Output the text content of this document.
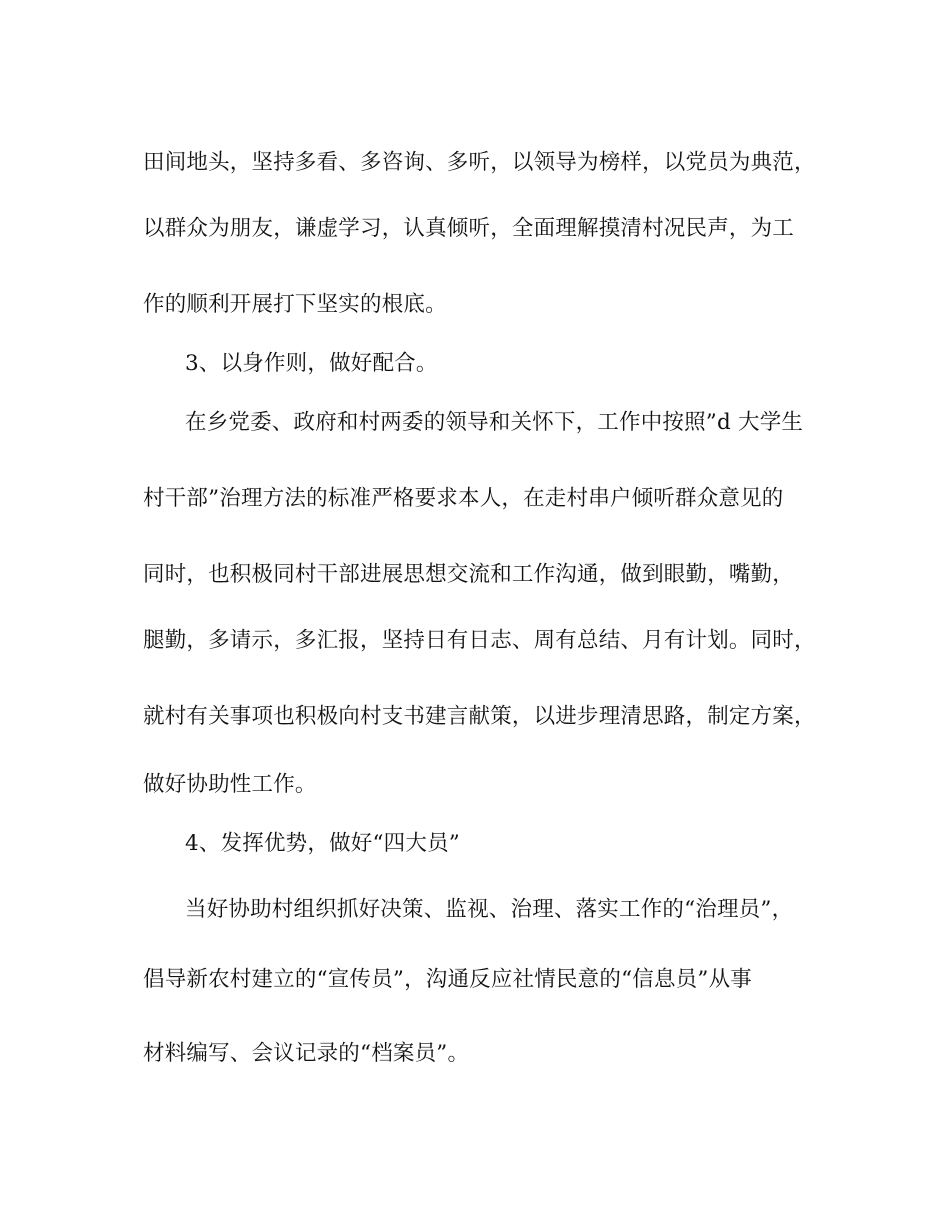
田间地头，坚持多看、多咨询、多听，以领导为榜样，以党员为典范，
以群众为朋友，谦虚学习，认真倾听，全面理解摸清村况民声，为工
作的顺利开展打下坚实的根底。
3、以身作则，做好配合。
在乡党委、政府和村两委的领导和关怀下，工作中按照”d 大学生
村干部”治理方法的标准严格要求本人，在走村串户倾听群众意见的
同时，也积极同村干部进展思想交流和工作沟通，做到眼勤，嘴勤，
腿勤，多请示，多汇报，坚持日有日志、周有总结、月有计划。同时，
就村有关事项也积极向村支书建言献策，以进步理清思路，制定方案，
做好协助性工作。
4、发挥优势，做好“四大员”
当好协助村组织抓好决策、监视、治理、落实工作的“治理员”，
倡导新农村建立的“宣传员”，沟通反应社情民意的“信息员”从事
材料编写、会议记录的“档案员”。
